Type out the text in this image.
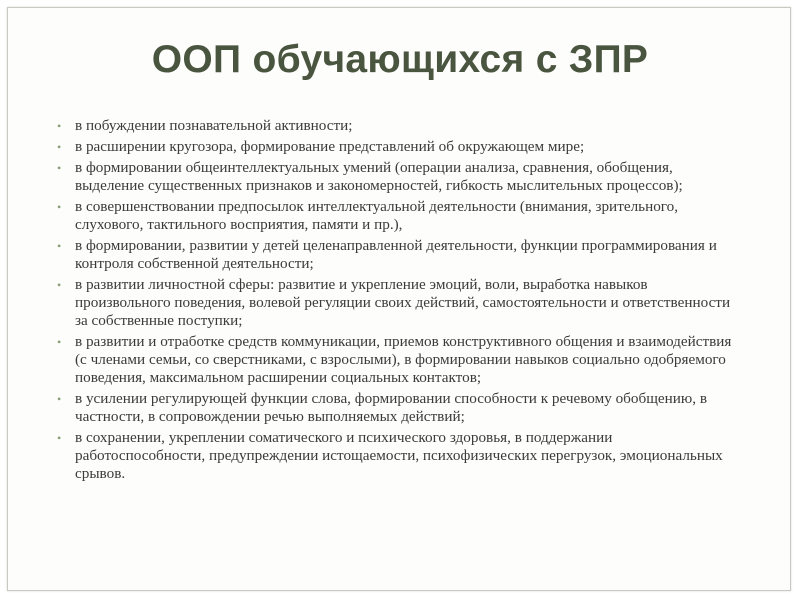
ООП обучающихся с ЗПР
• в побуждении познавательной активности;
• в расширении кругозора, формирование представлений об окружающем мире;
• в формировании общеинтеллектуальных умений (операции анализа, сравнения, обобщения, выделение существенных признаков и закономерностей, гибкость мыслительных процессов);
• в совершенствовании предпосылок интеллектуальной деятельности (внимания, зрительного, слухового, тактильного восприятия, памяти и пр.),
• в формировании, развитии у детей целенаправленной деятельности, функции программирования и контроля собственной деятельности;
• в развитии личностной сферы: развитие и укрепление эмоций, воли, выработка навыков произвольного поведения, волевой регуляции своих действий, самостоятельности и ответственности за собственные поступки;
• в развитии и отработке средств коммуникации, приемов конструктивного общения и взаимодействия (с членами семьи, со сверстниками, с взрослыми), в формировании навыков социально одобряемого поведения, максимальном расширении социальных контактов;
• в усилении регулирующей функции слова, формировании способности к речевому обобщению, в частности, в сопровождении речью выполняемых действий;
• в сохранении, укреплении соматического и психического здоровья, в поддержании работоспособности, предупреждении истощаемости, психофизических перегрузок, эмоциональных срывов.
